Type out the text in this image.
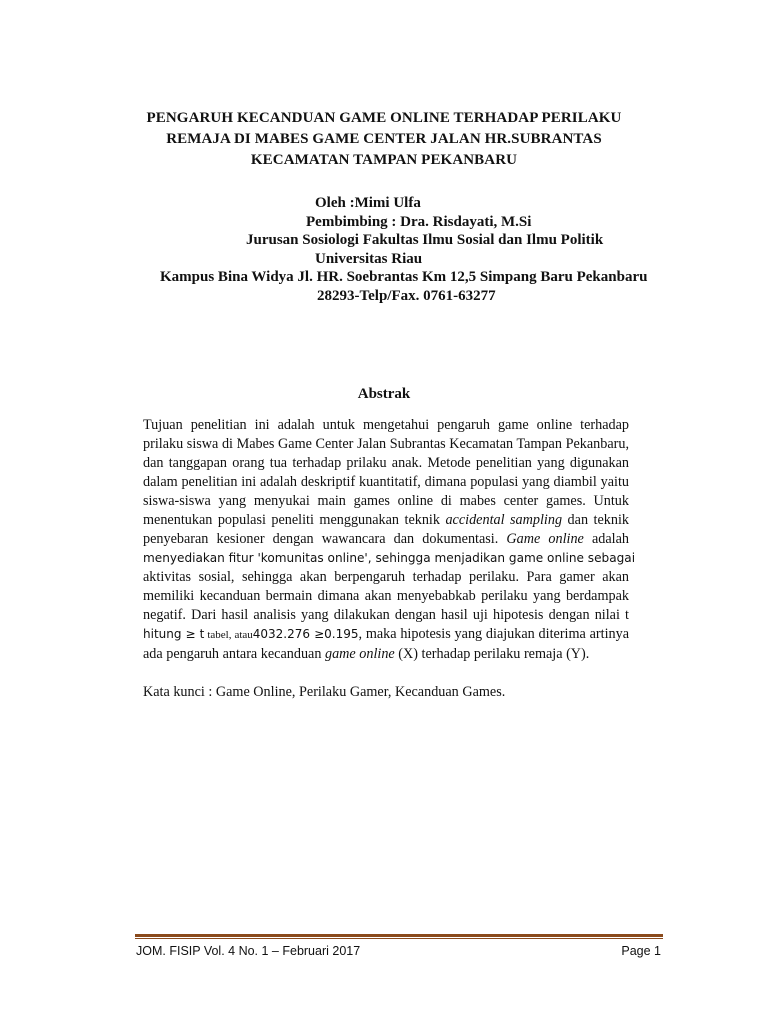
PENGARUH KECANDUAN GAME ONLINE TERHADAP PERILAKU
REMAJA DI MABES GAME CENTER JALAN HR.SUBRANTAS
KECAMATAN TAMPAN PEKANBARU
Oleh :Mimi Ulfa
Pembimbing : Dra. Risdayati, M.Si
Jurusan Sosiologi Fakultas Ilmu Sosial dan Ilmu Politik
Universitas Riau
Kampus Bina Widya Jl. HR. Soebrantas Km 12,5 Simpang Baru Pekanbaru
28293-Telp/Fax. 0761-63277
Abstrak
Tujuan penelitian ini adalah untuk mengetahui pengaruh game online terhadap
prilaku siswa di Mabes Game Center Jalan Subrantas Kecamatan Tampan Pekanbaru,
dan tanggapan orang tua terhadap prilaku anak. Metode penelitian yang digunakan
dalam penelitian ini adalah deskriptif kuantitatif, dimana populasi yang diambil yaitu
siswa-siswa yang menyukai main games online di mabes center games. Untuk
menentukan populasi peneliti menggunakan teknik accidental sampling dan teknik
penyebaran kesioner dengan wawancara dan dokumentasi. Game online adalah
menyediakan fitur 'komunitas online', sehingga menjadikan game online sebagai
aktivitas sosial, sehingga akan berpengaruh terhadap perilaku. Para gamer akan
memiliki kecanduan bermain dimana akan menyebabkab perilaku yang berdampak
negatif. Dari hasil analisis yang dilakukan dengan hasil uji hipotesis dengan nilai t
hitung ≥ t tabel, atau4032.276 ≥0.195, maka hipotesis yang diajukan diterima artinya
ada pengaruh antara kecanduan game online (X) terhadap perilaku remaja (Y).
Kata kunci : Game Online, Perilaku Gamer, Kecanduan Games.
JOM. FISIP Vol. 4 No. 1 – Februari 2017	Page 1
